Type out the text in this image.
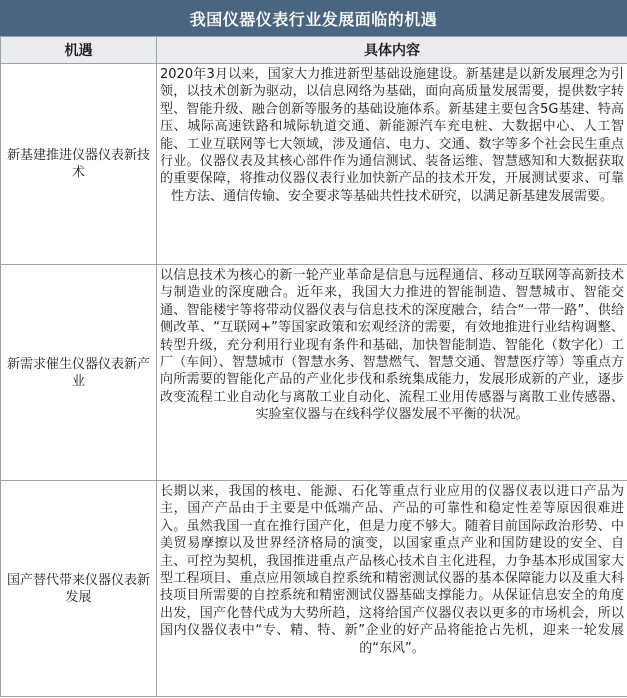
我国仪器仪表行业发展面临的机遇
机遇	具体内容
新基建推进仪器仪表新技术	2020年3月以来，国家大力推进新型基础设施建设。新基建是以新发展理念为引领，以技术创新为驱动，以信息网络为基础，面向高质量发展需要，提供数字转型、智能升级、融合创新等服务的基础设施体系。新基建主要包含5G基建、特高压、城际高速铁路和城际轨道交通、新能源汽车充电桩、大数据中心、人工智能、工业互联网等七大领域，涉及通信、电力、交通、数字等多个社会民生重点行业。仪器仪表及其核心部件作为通信测试、装备运维、智慧感知和大数据获取的重要保障，将推动仪器仪表行业加快新产品的技术开发，开展测试要求、可靠性方法、通信传输、安全要求等基础共性技术研究，以满足新基建发展需要。
新需求催生仪器仪表新产业	以信息技术为核心的新一轮产业革命是信息与远程通信、移动互联网等高新技术与制造业的深度融合。近年来，我国大力推进的智能制造、智慧城市、智能交通、智能楼宇等将带动仪器仪表与信息技术的深度融合，结合“一带一路”、供给侧改革、“互联网+”等国家政策和宏观经济的需要，有效地推进行业结构调整、转型升级，充分利用行业现有条件和基础，加快智能制造、智能化（数字化）工厂（车间）、智慧城市（智慧水务、智慧燃气、智慧交通、智慧医疗等）等重点方向所需要的智能化产品的产业化步伐和系统集成能力，发展形成新的产业，逐步改变流程工业自动化与离散工业自动化、流程工业用传感器与离散工业传感器、实验室仪器与在线科学仪器发展不平衡的状况。
国产替代带来仪器仪表新发展	长期以来，我国的核电、能源、石化等重点行业应用的仪器仪表以进口产品为主，国产产品由于主要是中低端产品、产品的可靠性和稳定性差等原因很难进入。虽然我国一直在推行国产化，但是力度不够大。随着目前国际政治形势、中美贸易摩擦以及世界经济格局的演变，以国家重点产业和国防建设的安全、自主、可控为契机，我国推进重点产品核心技术自主化进程，力争基本形成国家大型工程项目、重点应用领域自控系统和精密测试仪器的基本保障能力以及重大科技项目所需要的自控系统和精密测试仪器基础支撑能力。从保证信息安全的角度出发，国产化替代成为大势所趋，这将给国产仪器仪表以更多的市场机会，所以国内仪器仪表中“专、精、特、新”企业的好产品将能抢占先机，迎来一轮发展的“东风”。
